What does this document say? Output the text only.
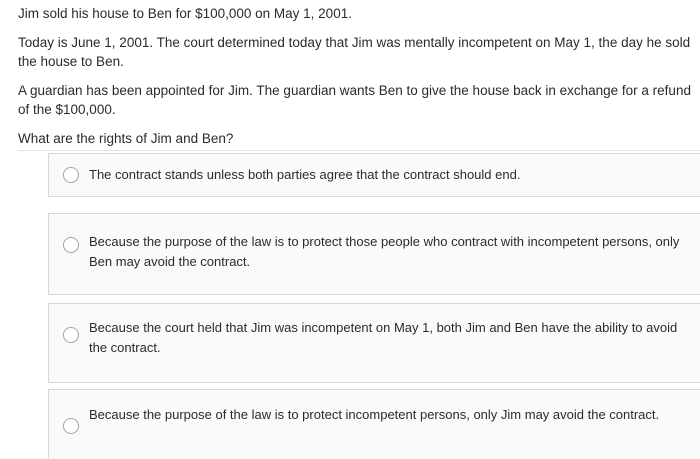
Jim sold his house to Ben for $100,000 on May 1, 2001.

Today is June 1, 2001. The court determined today that Jim was mentally incompetent on May 1, the day he sold the house to Ben.

A guardian has been appointed for Jim. The guardian wants Ben to give the house back in exchange for a refund of the $100,000.

What are the rights of Jim and Ben?

The contract stands unless both parties agree that the contract should end.
Because the purpose of the law is to protect those people who contract with incompetent persons, only Ben may avoid the contract.
Because the court held that Jim was incompetent on May 1, both Jim and Ben have the ability to avoid the contract.
Because the purpose of the law is to protect incompetent persons, only Jim may avoid the contract.
